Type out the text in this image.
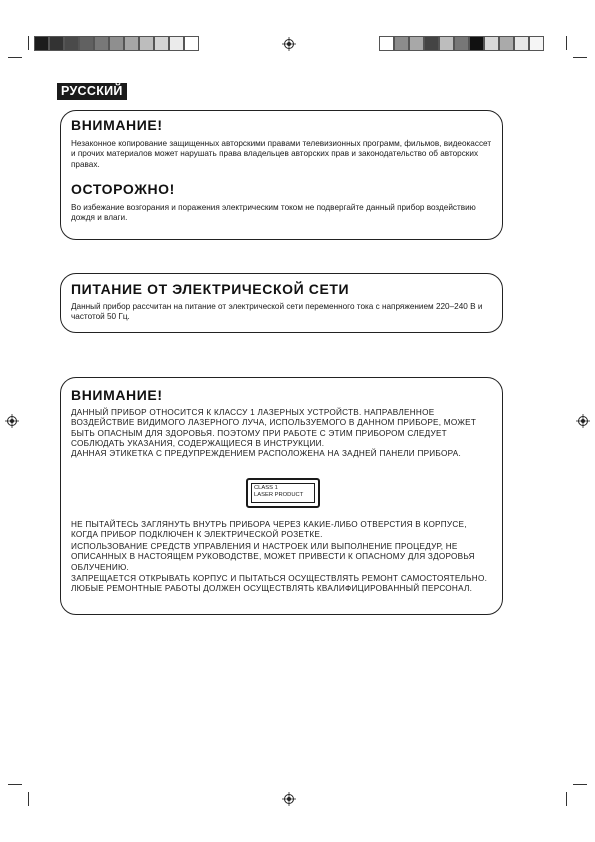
РУССКИЙ
ВНИМАНИЕ!

Незаконное копирование защищенных авторскими правами телевизионных программ, фильмов, видеокассет и прочих материалов может нарушать права владельцев авторских прав и законодательство об авторских правах.

ОСТОРОЖНО!

Во избежание возгорания и поражения электрическим током не подвергайте данный прибор воздействию дождя и влаги.

ПИТАНИЕ ОТ ЭЛЕКТРИЧЕСКОЙ СЕТИ

Данный прибор рассчитан на питание от электрической сети переменного тока с напряжением 220–240 В и частотой 50 Гц.

ВНИМАНИЕ!

ДАННЫЙ ПРИБОР ОТНОСИТСЯ К КЛАССУ 1 ЛАЗЕРНЫХ УСТРОЙСТВ. НАПРАВЛЕННОЕ ВОЗДЕЙСТВИЕ ВИДИМОГО ЛАЗЕРНОГО ЛУЧА, ИСПОЛЬЗУЕМОГО В ДАННОМ ПРИБОРЕ, МОЖЕТ БЫТЬ ОПАСНЫМ ДЛЯ ЗДОРОВЬЯ. ПОЭТОМУ ПРИ РАБОТЕ С ЭТИМ ПРИБОРОМ СЛЕДУЕТ СОБЛЮДАТЬ УКАЗАНИЯ, СОДЕРЖАЩИЕСЯ В ИНСТРУКЦИИ.

ДАННАЯ ЭТИКЕТКА С ПРЕДУПРЕЖДЕНИЕМ РАСПОЛОЖЕНА НА ЗАДНЕЙ ПАНЕЛИ ПРИБОРА.

НЕ ПЫТАЙТЕСЬ ЗАГЛЯНУТЬ ВНУТРЬ ПРИБОРА ЧЕРЕЗ КАКИЕ-ЛИБО ОТВЕРСТИЯ В КОРПУСЕ, КОГДА ПРИБОР ПОДКЛЮЧЕН К ЭЛЕКТРИЧЕСКОЙ РОЗЕТКЕ.

ИСПОЛЬЗОВАНИЕ СРЕДСТВ УПРАВЛЕНИЯ И НАСТРОЕК ИЛИ ВЫПОЛНЕНИЕ ПРОЦЕДУР, НЕ ОПИСАННЫХ В НАСТОЯЩЕМ РУКОВОДСТВЕ, МОЖЕТ ПРИВЕСТИ К ОПАСНОМУ ДЛЯ ЗДОРОВЬЯ ОБЛУЧЕНИЮ.

ЗАПРЕЩАЕТСЯ ОТКРЫВАТЬ КОРПУС И ПЫТАТЬСЯ ОСУЩЕСТВЛЯТЬ РЕМОНТ САМОСТОЯТЕЛЬНО. ЛЮБЫЕ РЕМОНТНЫЕ РАБОТЫ ДОЛЖЕН ОСУЩЕСТВЛЯТЬ КВАЛИФИЦИРОВАННЫЙ ПЕРСОНАЛ.

CLASS 1
LASER PRODUCT
